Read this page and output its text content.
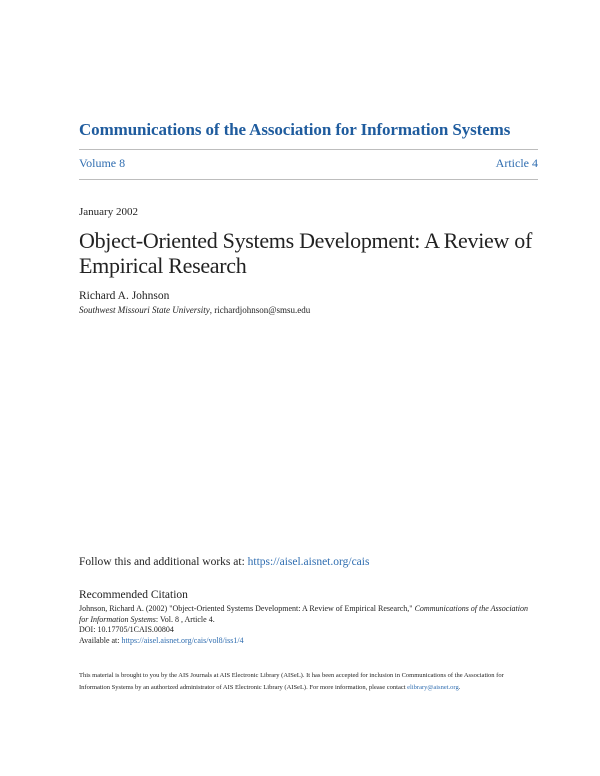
Communications of the Association for Information Systems
Volume 8	Article 4
January 2002
Object-Oriented Systems Development: A Review of Empirical Research
Richard A. Johnson
Southwest Missouri State University, richardjohnson@smsu.edu
Follow this and additional works at: https://aisel.aisnet.org/cais
Recommended Citation
Johnson, Richard A. (2002) "Object-Oriented Systems Development: A Review of Empirical Research," Communications of the Association for Information Systems: Vol. 8 , Article 4.
DOI: 10.17705/1CAIS.00804
Available at: https://aisel.aisnet.org/cais/vol8/iss1/4
This material is brought to you by the AIS Journals at AIS Electronic Library (AISeL). It has been accepted for inclusion in Communications of the Association for Information Systems by an authorized administrator of AIS Electronic Library (AISeL). For more information, please contact elibrary@aisnet.org.
